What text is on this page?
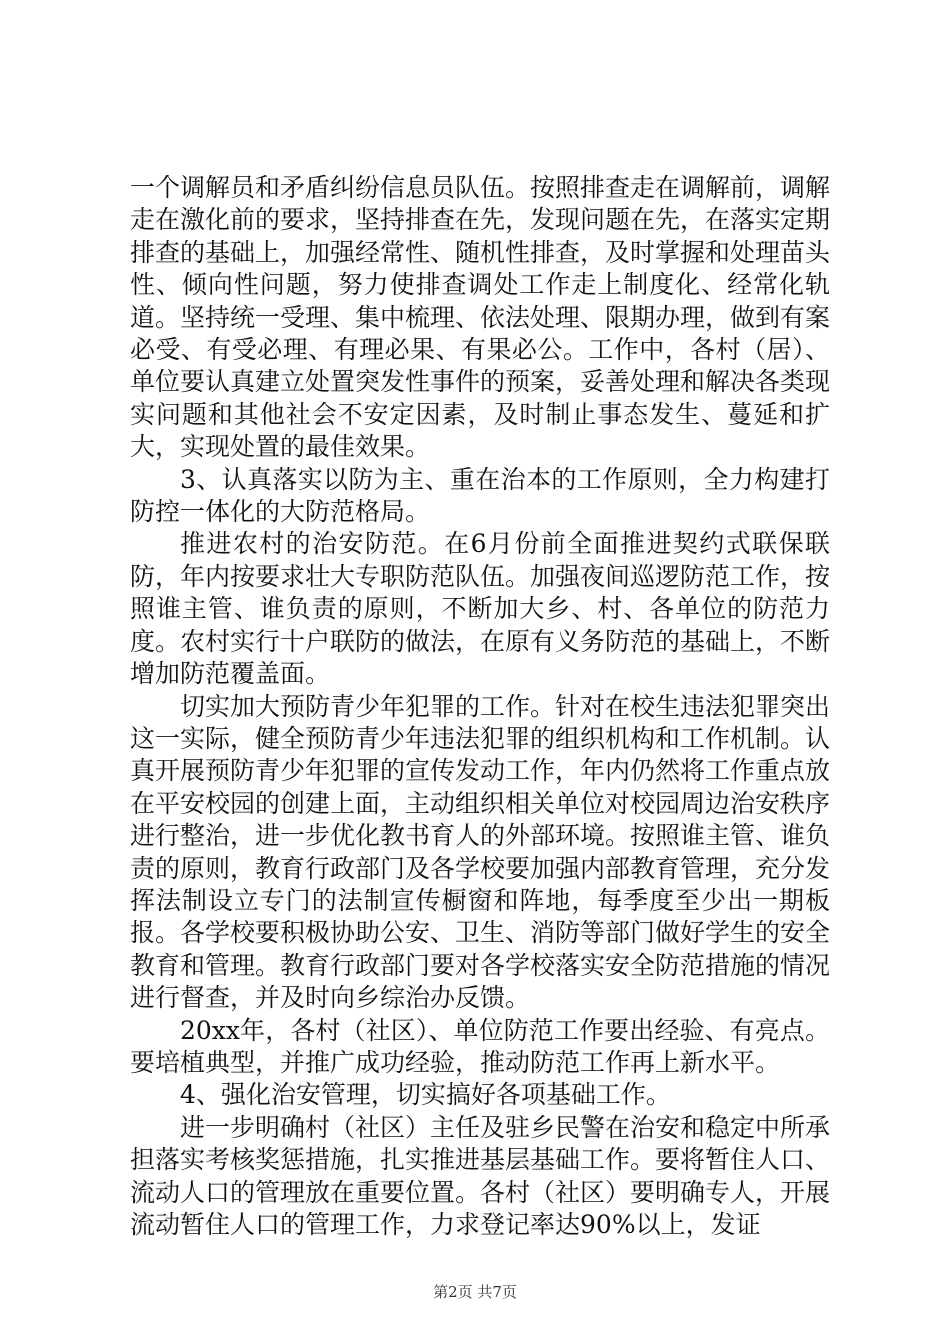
一个调解员和矛盾纠纷信息员队伍。按照排查走在调解前，调解走在激化前的要求，坚持排查在先，发现问题在先，在落实定期排查的基础上，加强经常性、随机性排查，及时掌握和处理苗头性、倾向性问题，努力使排查调处工作走上制度化、经常化轨道。坚持统一受理、集中梳理、依法处理、限期办理，做到有案必受、有受必理、有理必果、有果必公。工作中，各村（居）、单位要认真建立处置突发性事件的预案，妥善处理和解决各类现实问题和其他社会不安定因素，及时制止事态发生、蔓延和扩大，实现处置的最佳效果。

3、认真落实以防为主、重在治本的工作原则，全力构建打防控一体化的大防范格局。

推进农村的治安防范。在6月份前全面推进契约式联保联防，年内按要求壮大专职防范队伍。加强夜间巡逻防范工作，按照谁主管、谁负责的原则，不断加大乡、村、各单位的防范力度。农村实行十户联防的做法，在原有义务防范的基础上，不断增加防范覆盖面。

切实加大预防青少年犯罪的工作。针对在校生违法犯罪突出这一实际，健全预防青少年违法犯罪的组织机构和工作机制。认真开展预防青少年犯罪的宣传发动工作，年内仍然将工作重点放在平安校园的创建上面，主动组织相关单位对校园周边治安秩序进行整治，进一步优化教书育人的外部环境。按照谁主管、谁负责的原则，教育行政部门及各学校要加强内部教育管理，充分发挥法制设立专门的法制宣传橱窗和阵地，每季度至少出一期板报。各学校要积极协助公安、卫生、消防等部门做好学生的安全教育和管理。教育行政部门要对各学校落实安全防范措施的情况进行督查，并及时向乡综治办反馈。

20xx年，各村（社区）、单位防范工作要出经验、有亮点。要培植典型，并推广成功经验，推动防范工作再上新水平。

4、强化治安管理，切实搞好各项基础工作。

进一步明确村（社区）主任及驻乡民警在治安和稳定中所承担落实考核奖惩措施，扎实推进基层基础工作。要将暂住人口、流动人口的管理放在重要位置。各村（社区）要明确专人，开展流动暂住人口的管理工作，力求登记率达90%以上，发证

第2页 共7页
